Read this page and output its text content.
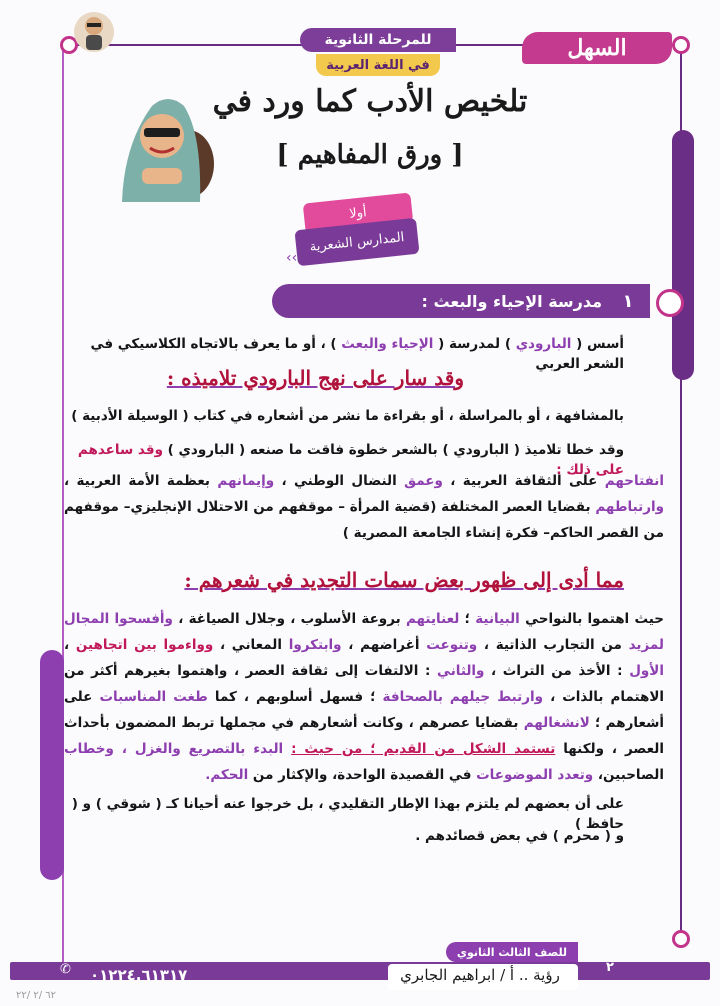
للمرحلة الثانوية
في اللغة العربية
السهل
تلخيص الأدب كما ورد في
[ ورق المفاهيم ]
أولا
المدارس الشعرية
‹‹
١
مدرسة الإحياء والبعث :
أسس ( البارودي ) لمدرسة ( الإحياء والبعث ) ، أو ما يعرف بالاتجاه الكلاسيكي في الشعر العربي
وقد سار على نهج البارودي تلاميذه :
بالمشافهة ، أو بالمراسلة ، أو بقراءة ما نشر من أشعاره في كتاب ( الوسيلة الأدبية )
وقد خطا تلاميذ ( البارودي ) بالشعر خطوة فاقت ما صنعه ( البارودي ) وقد ساعدهم على ذلك :
انفتاحهم على الثقافة العربية ، وعمق النضال الوطني ، وإيمانهم بعظمة الأمة العربية ، وارتباطهم بقضايا العصر المختلفة (قضية المرأة – موقفهم من الاحتلال الإنجليزي– موقفهم من القصر الحاكم– فكرة إنشاء الجامعة المصرية )
مما أدى إلى ظهور بعض سمات التجديد في شعرهم :
حيث اهتموا بالنواحي البيانية ؛ لعنايتهم بروعة الأسلوب ، وجلال الصياغة ، وأفسحوا المجال لمزيد من التجارب الذاتية ، وتنوعت أغراضهم ، وابتكروا المعاني ، وواءموا بين اتجاهين ، الأول : الأخذ من التراث ، والثاني : الالتفات إلى ثقافة العصر ، واهتموا بغيرهم أكثر من الاهتمام بالذات ، وارتبط جيلهم بالصحافة ؛ فسهل أسلوبهم ، كما طغت المناسبات على أشعارهم ؛ لانشغالهم بقضايا عصرهم ، وكانت أشعارهم في مجملها تربط المضمون بأحداث العصر ، ولكنها تستمد الشكل من القديم ؛ من حيث : البدء بالتصريع والغزل ، وخطاب الصاحبين، وتعدد الموضوعات في القصيدة الواحدة، والإكثار من الحكم.
على أن بعضهم لم يلتزم بهذا الإطار التقليدي ، بل خرجوا عنه أحيانا كـ ( شوقي ) و ( حافظ )
و ( محرم ) في بعض قصائدهم .
للصف الثالث الثانوي
٢
رؤية .. أ / ابراهيم الجابري
✆	٠١٢٢٤.٦١٣١٧
٦٢ /٢ /٢٢
